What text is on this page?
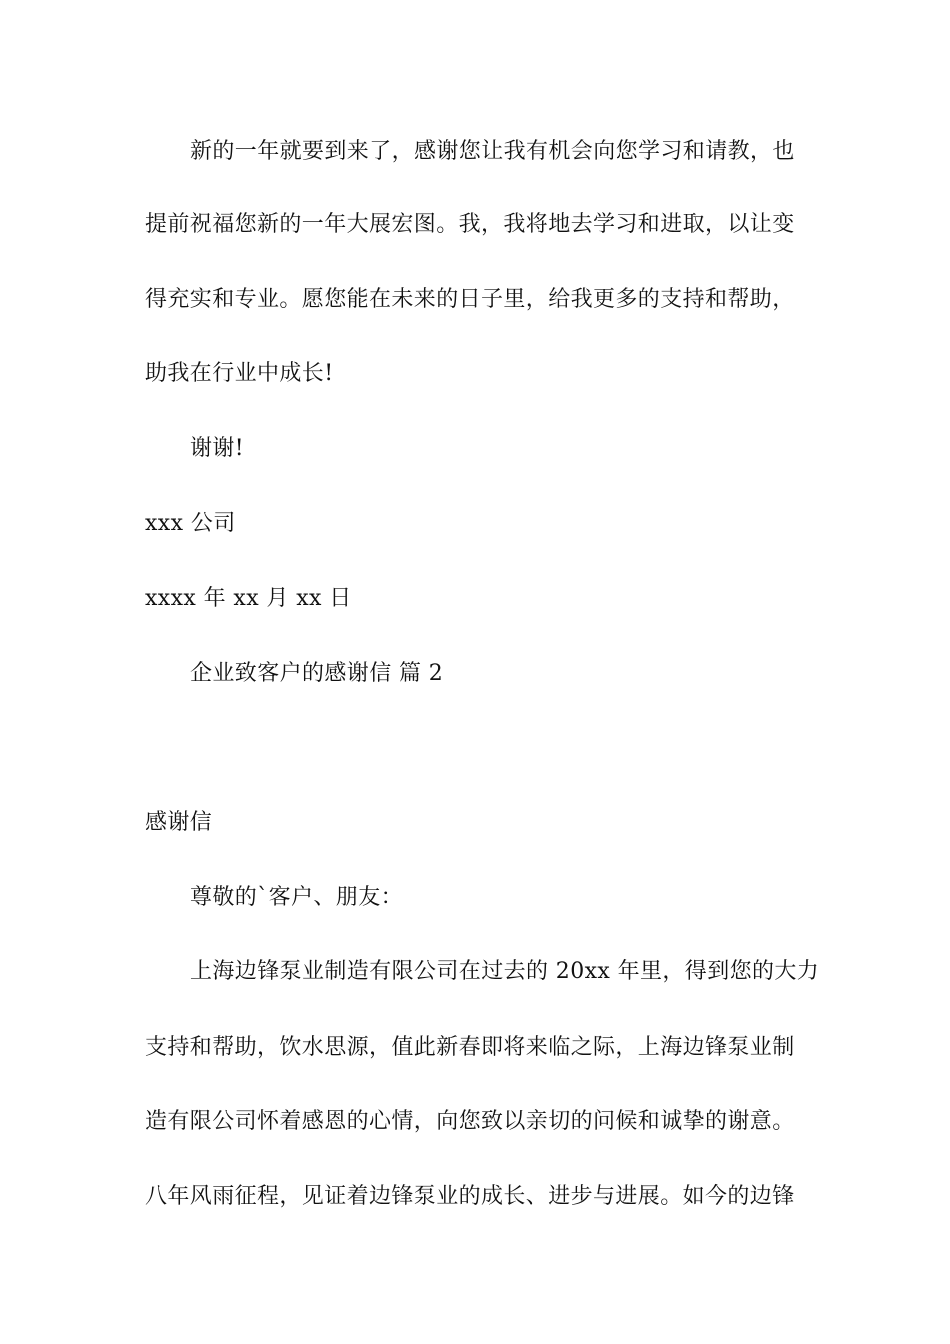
新的一年就要到来了，感谢您让我有机会向您学习和请教，也
提前祝福您新的一年大展宏图。我，我将地去学习和进取，以让变
得充实和专业。愿您能在未来的日子里，给我更多的支持和帮助，
助我在行业中成长!
谢谢!
xxx 公司
xxxx 年 xx 月 xx 日
企业致客户的感谢信 篇 2
感谢信
尊敬的`客户、朋友：
上海边锋泵业制造有限公司在过去的 20xx 年里，得到您的大力
支持和帮助，饮水思源，值此新春即将来临之际，上海边锋泵业制
造有限公司怀着感恩的心情，向您致以亲切的问候和诚挚的谢意。
八年风雨征程，见证着边锋泵业的成长、进步与进展。如今的边锋
